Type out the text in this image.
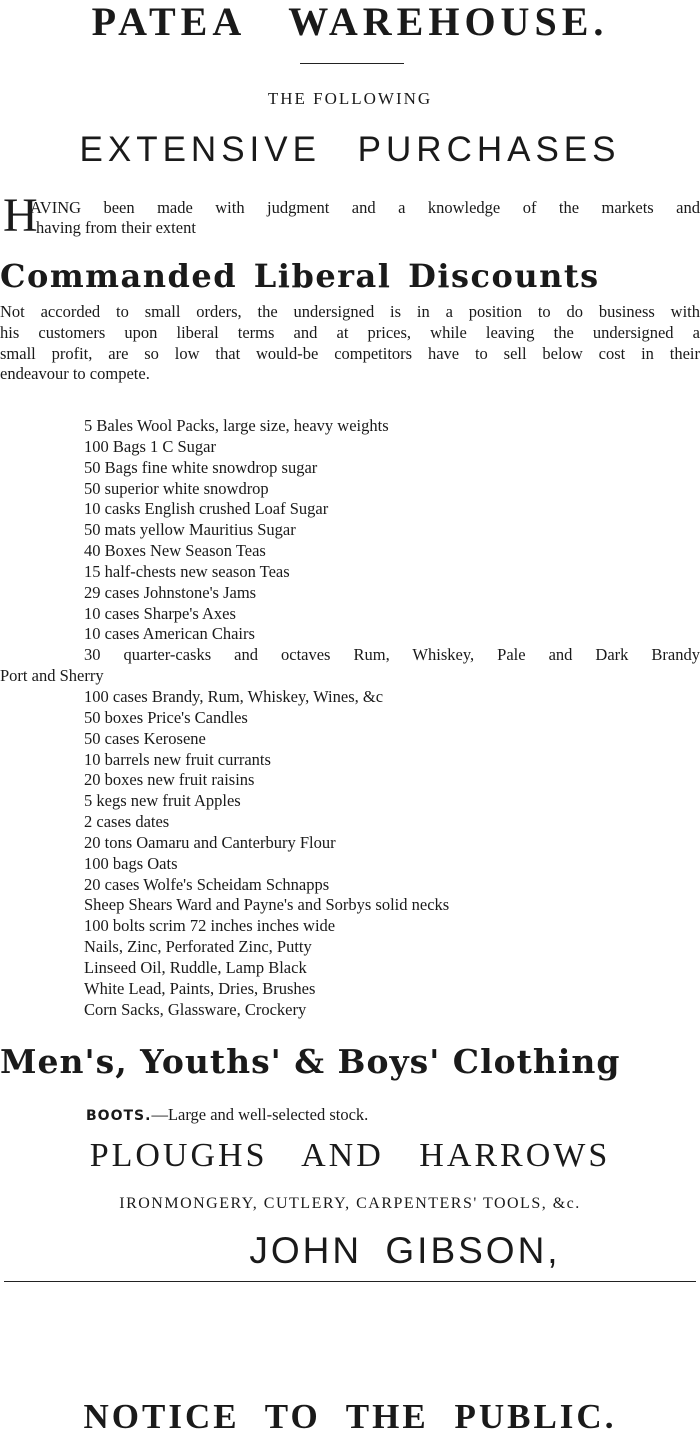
PATEA WAREHOUSE.
THE FOLLOWING
EXTENSIVE PURCHASES
H
AVING been made with judgment and a knowledge of the markets and
having from their extent
Commanded Liberal Discounts
Not accorded to small orders, the undersigned is in a position to do business with
his customers upon liberal terms and at prices, while leaving the undersigned a
small profit, are so low that would-be competitors have to sell below cost in their
endeavour to compete.
5 Bales Wool Packs, large size, heavy weights
100 Bags 1 C Sugar
50 Bags fine white snowdrop sugar
50 superior white snowdrop
10 casks English crushed Loaf Sugar
50 mats yellow Mauritius Sugar
40 Boxes New Season Teas
15 half-chests new season Teas
29 cases Johnstone's Jams
10 cases Sharpe's Axes
10 cases American Chairs
30 quarter-casks and octaves Rum, Whiskey, Pale and Dark Brandy
Port and Sherry
100 cases Brandy, Rum, Whiskey, Wines, &c
50 boxes Price's Candles
50 cases Kerosene
10 barrels new fruit currants
20 boxes new fruit raisins
5 kegs new fruit Apples
2 cases dates
20 tons Oamaru and Canterbury Flour
100 bags Oats
20 cases Wolfe's Scheidam Schnapps
Sheep Shears Ward and Payne's and Sorbys solid necks
100 bolts scrim 72 inches inches wide
Nails, Zinc, Perforated Zinc, Putty
Linseed Oil, Ruddle, Lamp Black
White Lead, Paints, Dries, Brushes
Corn Sacks, Glassware, Crockery
Men's, Youths' & Boys' Clothing
BOOTS.—Large and well-selected stock.
PLOUGHS AND HARROWS
IRONMONGERY, CUTLERY, CARPENTERS' TOOLS, &c.
JOHN GIBSON,
NOTICE TO THE PUBLIC.
